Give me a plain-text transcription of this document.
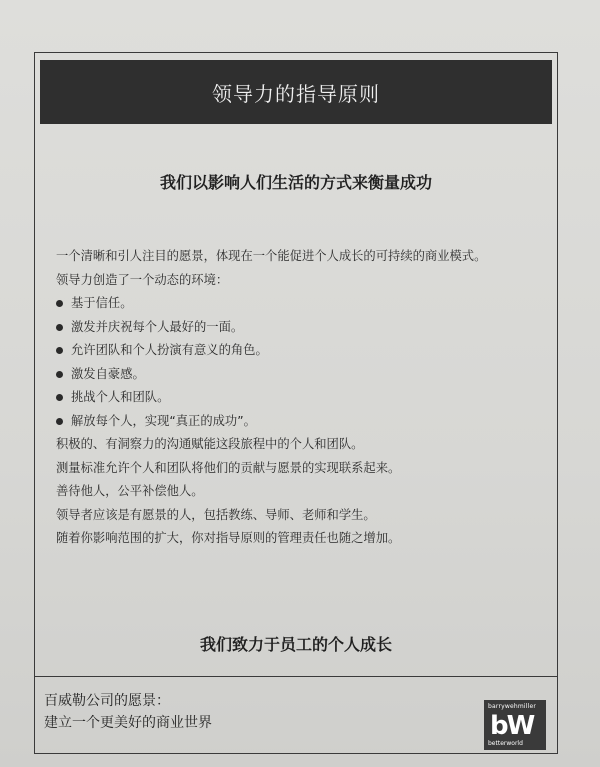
领导力的指导原则
我们以影响人们生活的方式来衡量成功
一个清晰和引人注目的愿景，体现在一个能促进个人成长的可持续的商业模式。
领导力创造了一个动态的环境：
基于信任。
激发并庆祝每个人最好的一面。
允许团队和个人扮演有意义的角色。
激发自豪感。
挑战个人和团队。
解放每个人，实现“真正的成功”。
积极的、有洞察力的沟通赋能这段旅程中的个人和团队。
测量标准允许个人和团队将他们的贡献与愿景的实现联系起来。
善待他人，公平补偿他人。
领导者应该是有愿景的人，包括教练、导师、老师和学生。
随着你影响范围的扩大，你对指导原则的管理责任也随之增加。
我们致力于员工的个人成长
百威勒公司的愿景：
建立一个更美好的商业世界
barrywehmiller
bW
betterworld
